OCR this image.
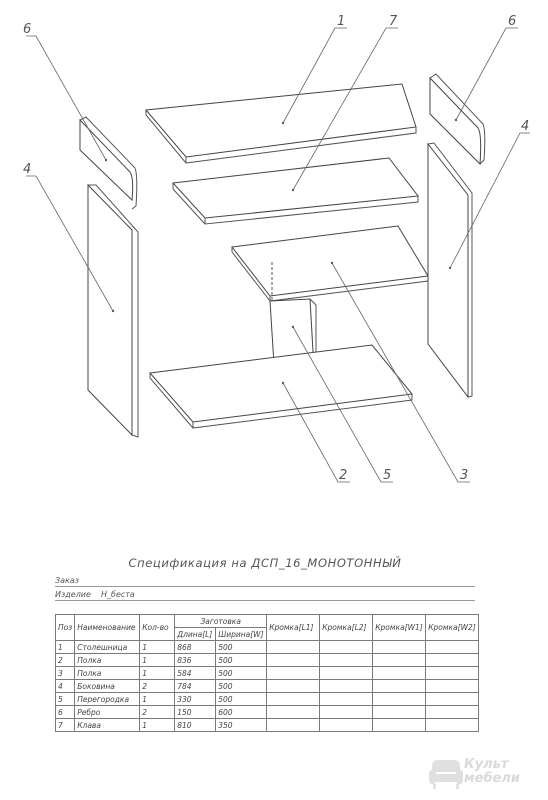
1	7
6
6
4
4
2	5	3
Спецификация на ДСП_16_МОНОТОННЫЙ
Заказ
Изделие Н_беста
Поз	Наименование	Кол-во	Заготовка		Кромка[L1]	Кромка[L2]	Кромка[W1]	Кромка[W2]
			Длина[L]	Ширина[W]				
1	Столешница	1	868	500				
2	Полка	1	836	500				
3	Полка	1	584	500				
4	Боковина	2	784	500				
5	Перегородка	1	330	500				
6	Ребро	2	150	600				
7	Клава	1	810	350				
Культ
мебели
